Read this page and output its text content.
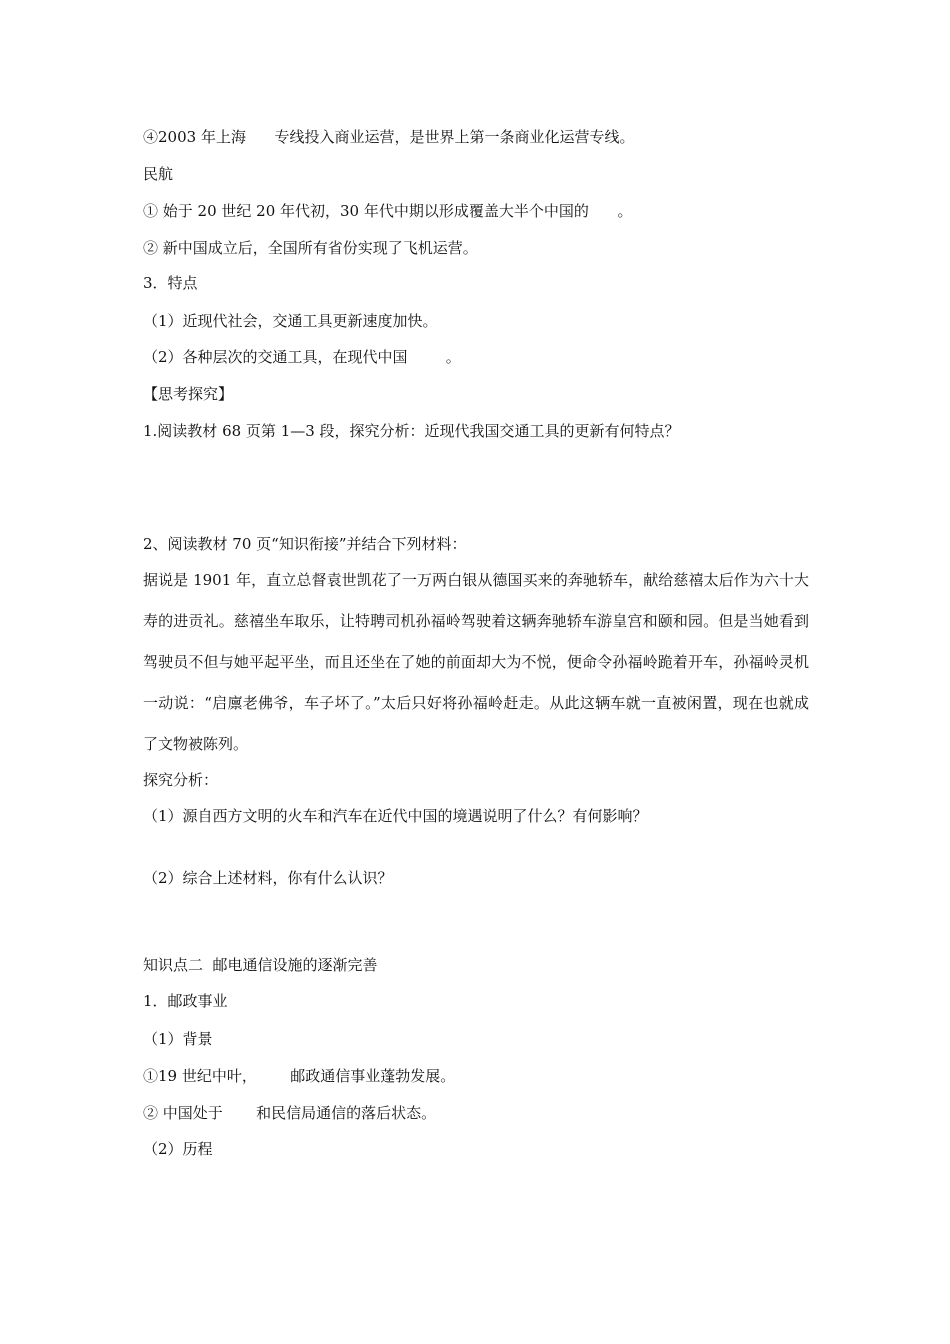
④2003 年上海      专线投入商业运营，是世界上第一条商业化运营专线。
民航
① 始于 20 世纪 20 年代初，30 年代中期以形成覆盖大半个中国的      。
② 新中国成立后，全国所有省份实现了飞机运营。
3．特点
（1）近现代社会，交通工具更新速度加快。
（2）各种层次的交通工具，在现代中国        。
【思考探究】
1.阅读教材 68 页第 1—3 段，探究分析：近现代我国交通工具的更新有何特点？
2、阅读教材 70 页“知识衔接”并结合下列材料：
据说是 1901 年，直立总督袁世凯花了一万两白银从德国买来的奔驰轿车，献给慈禧太后作为六十大寿的进贡礼。慈禧坐车取乐，让特聘司机孙福岭驾驶着这辆奔驰轿车游皇宫和颐和园。但是当她看到驾驶员不但与她平起平坐，而且还坐在了她的前面却大为不悦，便命令孙福岭跪着开车，孙福岭灵机一动说：“启廪老佛爷，车子坏了。”太后只好将孙福岭赶走。从此这辆车就一直被闲置，现在也就成了文物被陈列。
探究分析：
（1）源自西方文明的火车和汽车在近代中国的境遇说明了什么？有何影响？
（2）综合上述材料，你有什么认识？
知识点二  邮电通信设施的逐渐完善
1．邮政事业
（1）背景
①19 世纪中叶，       邮政通信事业蓬勃发展。
② 中国处于       和民信局通信的落后状态。
（2）历程
